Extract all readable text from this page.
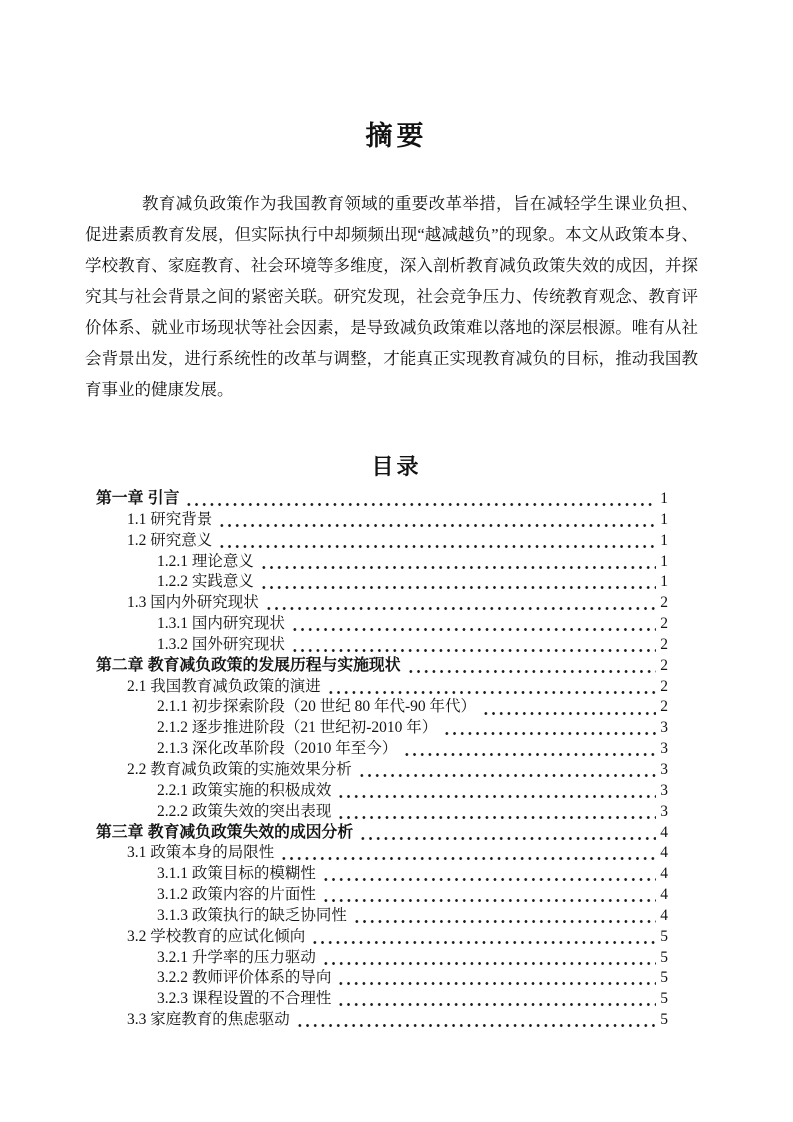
摘要

教育减负政策作为我国教育领域的重要改革举措，旨在减轻学生课业负担、促进素质教育发展，但实际执行中却频频出现“越减越负”的现象。本文从政策本身、学校教育、家庭教育、社会环境等多维度，深入剖析教育减负政策失效的成因，并探究其与社会背景之间的紧密关联。研究发现，社会竞争压力、传统教育观念、教育评价体系、就业市场现状等社会因素，是导致减负政策难以落地的深层根源。唯有从社会背景出发，进行系统性的改革与调整，才能真正实现教育减负的目标，推动我国教育事业的健康发展。

目录
第一章 引言	1
1.1 研究背景	1
1.2 研究意义	1
1.2.1 理论意义	1
1.2.2 实践意义	1
1.3 国内外研究现状	2
1.3.1 国内研究现状	2
1.3.2 国外研究现状	2
第二章 教育减负政策的发展历程与实施现状	2
2.1 我国教育减负政策的演进	2
2.1.1 初步探索阶段（20 世纪 80 年代-90 年代）	2
2.1.2 逐步推进阶段（21 世纪初-2010 年）	3
2.1.3 深化改革阶段（2010 年至今）	3
2.2 教育减负政策的实施效果分析	3
2.2.1 政策实施的积极成效	3
2.2.2 政策失效的突出表现	3
第三章 教育减负政策失效的成因分析	4
3.1 政策本身的局限性	4
3.1.1 政策目标的模糊性	4
3.1.2 政策内容的片面性	4
3.1.3 政策执行的缺乏协同性	4
3.2 学校教育的应试化倾向	5
3.2.1 升学率的压力驱动	5
3.2.2 教师评价体系的导向	5
3.2.3 课程设置的不合理性	5
3.3 家庭教育的焦虑驱动	5
